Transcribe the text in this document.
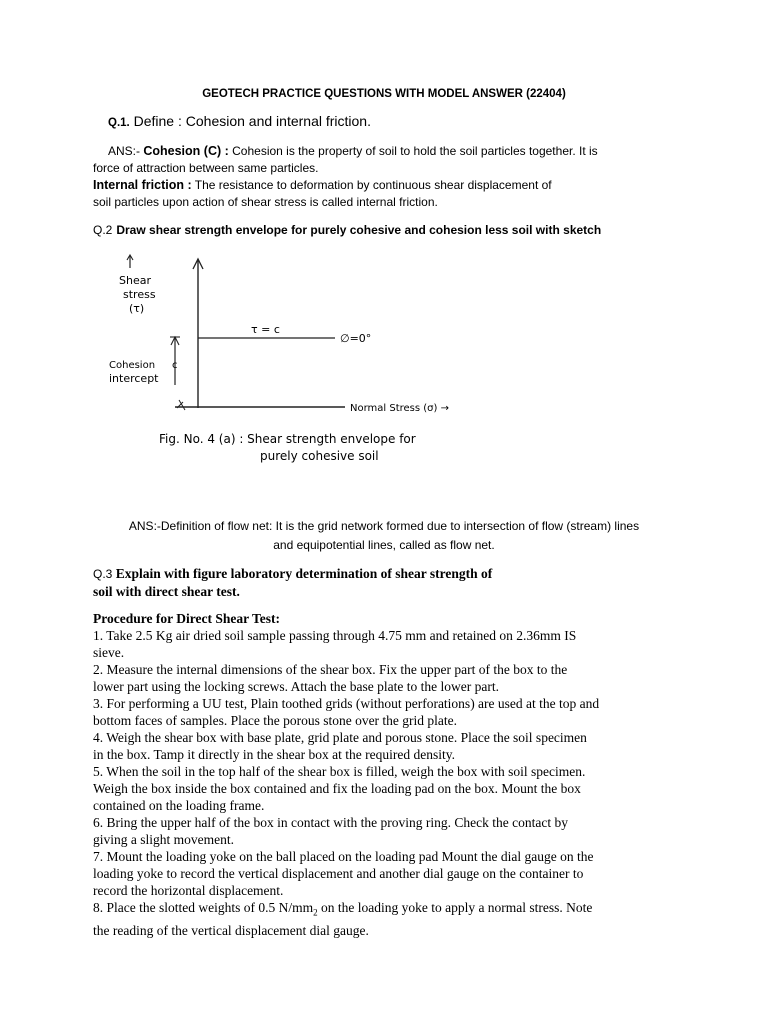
GEOTECH PRACTICE QUESTIONS WITH MODEL ANSWER (22404)
Q.1. Define : Cohesion and internal friction.
ANS:- Cohesion (C) : Cohesion is the property of soil to hold the soil particles together. It is
force of attraction between same particles.
Internal friction : The resistance to deformation by continuous shear displacement of
soil particles upon action of shear stress is called internal friction.
Q.2 Draw shear strength envelope for purely cohesive and cohesion less soil with sketch
Shear
stress
(τ)
Cohesion
intercept
c
τ = c
∅=0°
Normal Stress (σ) →
Fig. No. 4 (a) : Shear strength envelope for
purely cohesive soil
ANS:-Definition of flow net: It is the grid network formed due to intersection of flow (stream) lines
and equipotential lines, called as flow net.
Q.3 Explain with figure laboratory determination of shear strength of
soil with direct shear test.
Procedure for Direct Shear Test:
1. Take 2.5 Kg air dried soil sample passing through 4.75 mm and retained on 2.36mm IS
sieve.
2. Measure the internal dimensions of the shear box. Fix the upper part of the box to the
lower part using the locking screws. Attach the base plate to the lower part.
3. For performing a UU test, Plain toothed grids (without perforations) are used at the top and
bottom faces of samples. Place the porous stone over the grid plate.
4. Weigh the shear box with base plate, grid plate and porous stone. Place the soil specimen
in the box. Tamp it directly in the shear box at the required density.
5. When the soil in the top half of the shear box is filled, weigh the box with soil specimen.
Weigh the box inside the box contained and fix the loading pad on the box. Mount the box
contained on the loading frame.
6. Bring the upper half of the box in contact with the proving ring. Check the contact by
giving a slight movement.
7. Mount the loading yoke on the ball placed on the loading pad Mount the dial gauge on the
loading yoke to record the vertical displacement and another dial gauge on the container to
record the horizontal displacement.
8. Place the slotted weights of 0.5 $N/mm_2$ on the loading yoke to apply a normal stress. Note
the reading of the vertical displacement dial gauge.
